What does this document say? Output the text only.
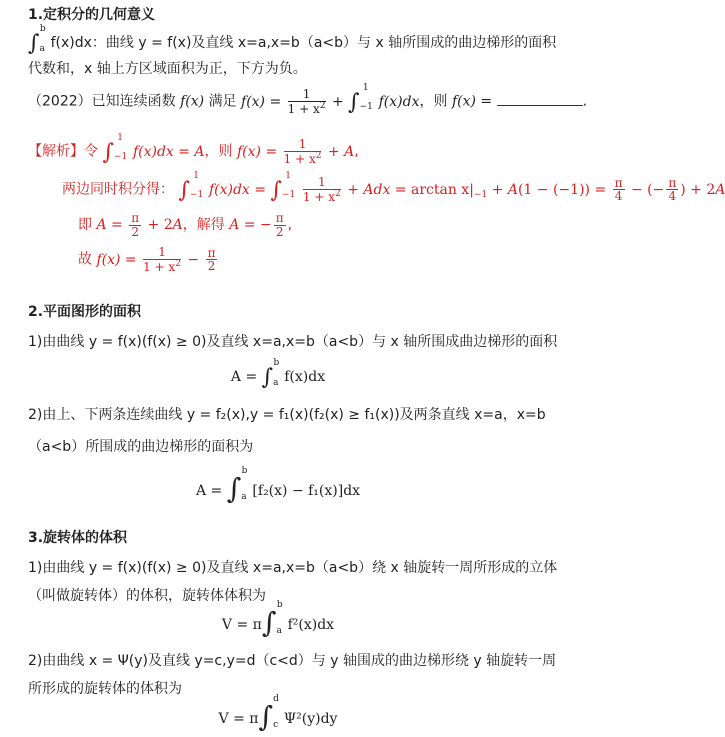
1.定积分的几何意义
$\int_a^bf(x)dx$：曲线 y = f(x)及直线 x=a,x=b（a<b）与 x 轴所围成的曲边梯形的面积
代数和，x 轴上方区域面积为正，下方为负。
（2022）已知连续函数 f(x) 满足 $f(x) = \frac{1}{1 + x^2} + \int_{-1}^1f(x)dx$，则 f(x) =	.
【解析】令 $\int_{-1}^1f(x)dx = A$，则 $f(x) = \frac{1}{1 + x^2} + A$,
两边同时积分得： $\int_{-1}^1f(x)dx = \int_{-1}^1$
$\frac{1}{1 + x^2}$ + Adx = $\arctan x|_{-1} + A(1 - (-1)) = \frac{\pi}{4}$ − (− $\frac{\pi}{4}$ ) + 2A
即 $A = \frac{\pi}{2} + 2A$，解得 A = − $\frac{\pi}{2}$ ,
故 $f(x) = \frac{1}{1 + x^2} - \frac{\pi}{2}$
2.平面图形的面积
1)由曲线 y = f(x)(f(x) ≥ 0)及直线 x=a,x=b（a<b）与 x 轴所围成曲边梯形的面积
$A = \int_a^bf(x)dx$
2)由上、下两条连续曲线 y = f₂(x),y = f₁(x)(f₂(x) ≥ f₁(x))及两条直线 x=a，x=b
（a<b）所围成的曲边梯形的面积为
$A = \int_a^b[f_2(x) - f_1(x)]dx$
3.旋转体的体积
1)由曲线 y = f(x)(f(x) ≥ 0)及直线 x=a,x=b（a<b）绕 x 轴旋转一周所形成的立体
（叫做旋转体）的体积，旋转体体积为
$V = \pi\int_a^bf^2(x)dx$
2)由曲线 x = Ψ(y)及直线 y=c,y=d（c<d）与 y 轴围成的曲边梯形绕 y 轴旋转一周
所形成的旋转体的体积为
$V = \pi\int_c^d\Psi^2(y)dy$
